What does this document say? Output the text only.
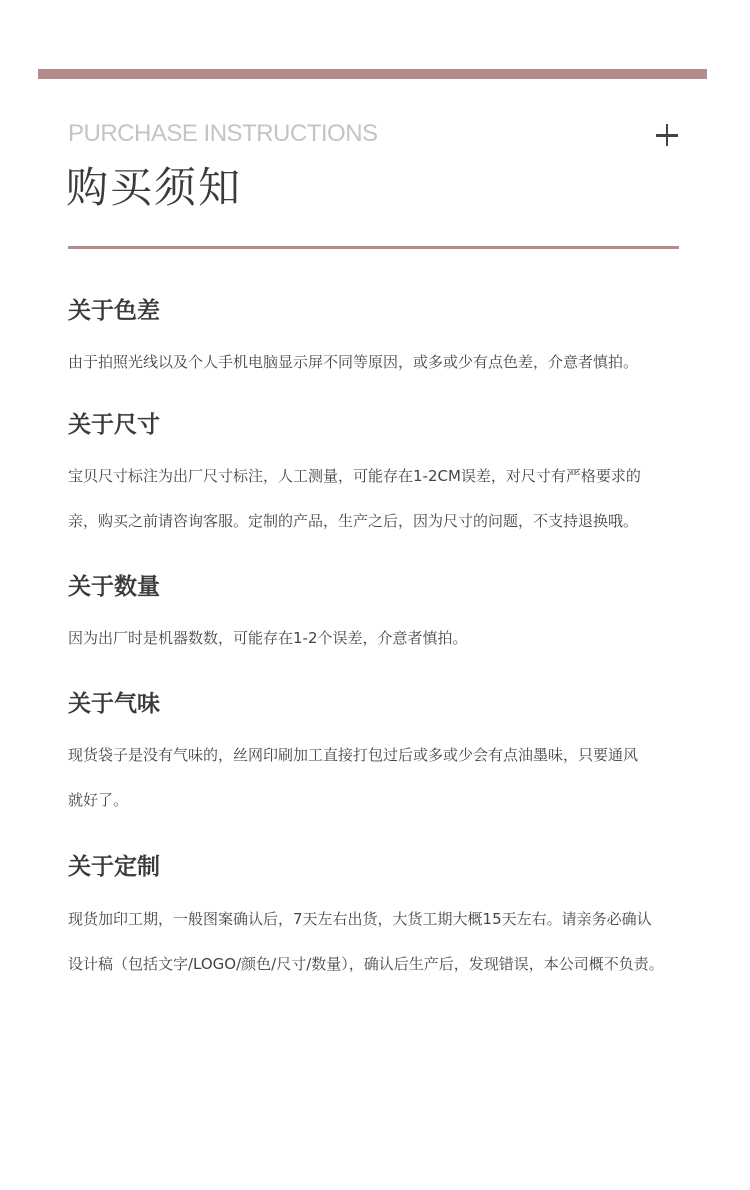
PURCHASE INSTRUCTIONS
购买须知
关于色差

由于拍照光线以及个人手机电脑显示屏不同等原因，或多或少有点色差，介意者慎拍。

关于尺寸

宝贝尺寸标注为出厂尺寸标注，人工测量，可能存在1-2CM误差，对尺寸有严格要求的

亲，购买之前请咨询客服。定制的产品，生产之后，因为尺寸的问题，不支持退换哦。

关于数量

因为出厂时是机器数数，可能存在1-2个误差，介意者慎拍。

关于气味

现货袋子是没有气味的，丝网印刷加工直接打包过后或多或少会有点油墨味，只要通风

就好了。

关于定制

现货加印工期，一般图案确认后，7天左右出货，大货工期大概15天左右。请亲务必确认

设计稿（包括文字/LOGO/颜色/尺寸/数量），确认后生产后，发现错误，本公司概不负责。
